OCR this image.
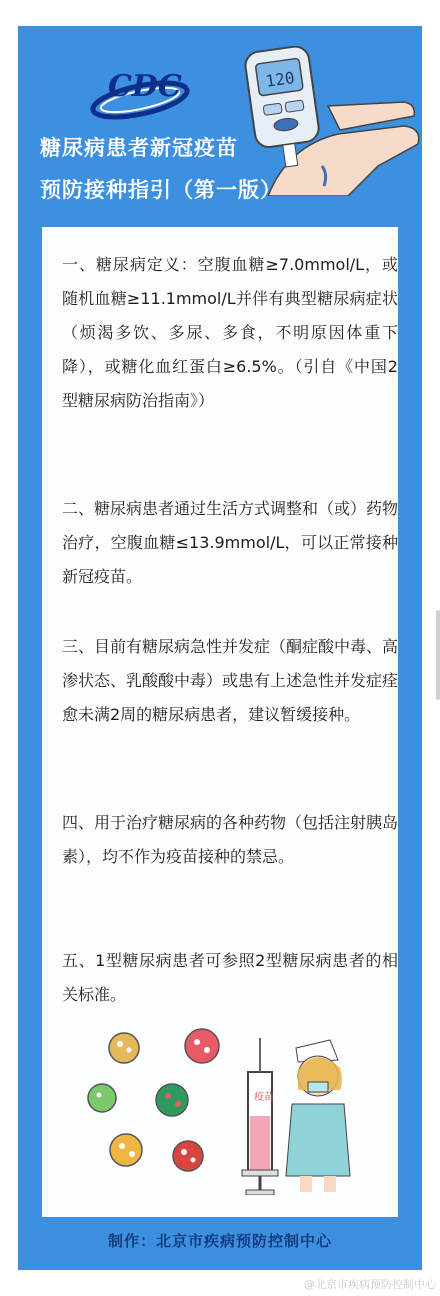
CDC	120
糖尿病患者新冠疫苗
预防接种指引（第一版）
一、糖尿病定义：空腹血糖≥7.0mmol/L，或随机血糖≥11.1mmol/L并伴有典型糖尿病症状（烦渴多饮、多尿、多食，不明原因体重下降），或糖化血红蛋白≥6.5%。（引自《中国2型糖尿病防治指南》）
二、糖尿病患者通过生活方式调整和（或）药物治疗，空腹血糖≤13.9mmol/L，可以正常接种新冠疫苗。
三、目前有糖尿病急性并发症（酮症酸中毒、高渗状态、乳酸酸中毒）或患有上述急性并发症痊愈未满2周的糖尿病患者，建议暂缓接种。
四、用于治疗糖尿病的各种药物（包括注射胰岛素），均不作为疫苗接种的禁忌。
五、1型糖尿病患者可参照2型糖尿病患者的相关标准。
疫苗
制作：北京市疾病预防控制中心
@北京市疾病预防控制中心
